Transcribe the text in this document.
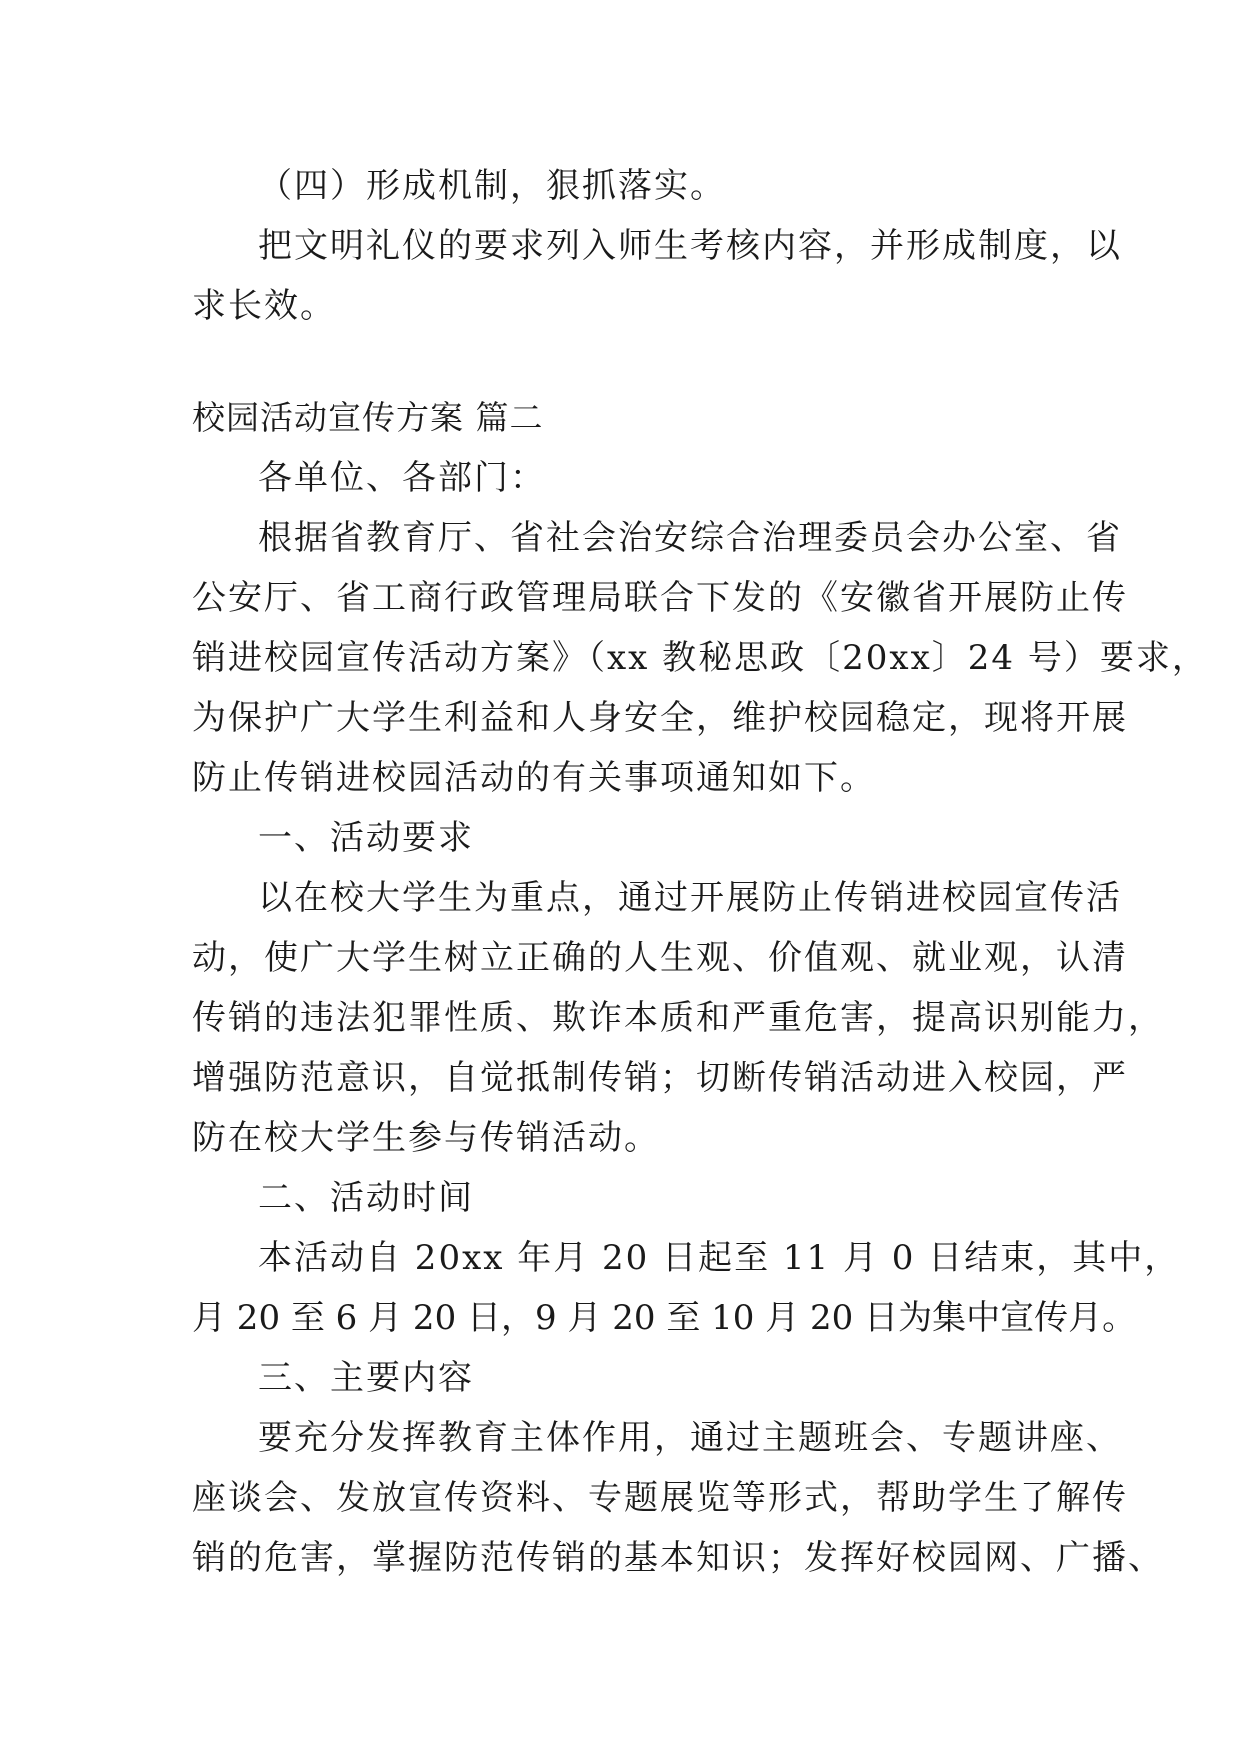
（四）形成机制，狠抓落实。

把文明礼仪的要求列入师生考核内容，并形成制度，以

求长效。

校园活动宣传方案 篇二

各单位、各部门：

根据省教育厅、省社会治安综合治理委员会办公室、省

公安厅、省工商行政管理局联合下发的《安徽省开展防止传

销进校园宣传活动方案》（xx 教秘思政〔20xx〕24 号）要求，

为保护广大学生利益和人身安全，维护校园稳定，现将开展

防止传销进校园活动的有关事项通知如下。

一、活动要求

以在校大学生为重点，通过开展防止传销进校园宣传活

动，使广大学生树立正确的人生观、价值观、就业观，认清

传销的违法犯罪性质、欺诈本质和严重危害，提高识别能力，

增强防范意识，自觉抵制传销；切断传销活动进入校园，严

防在校大学生参与传销活动。

二、活动时间

本活动自 20xx 年月 20 日起至 11 月 0 日结束，其中，

月 20 至 6 月 20 日，9 月 20 至 10 月 20 日为集中宣传月。

三、主要内容

要充分发挥教育主体作用，通过主题班会、专题讲座、

座谈会、发放宣传资料、专题展览等形式，帮助学生了解传

销的危害，掌握防范传销的基本知识；发挥好校园网、广播、
